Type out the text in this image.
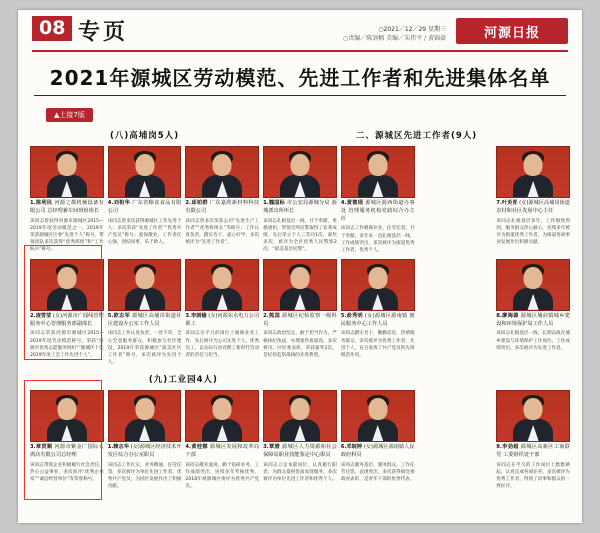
08 专页	○2021／12／29 星期三
○责编／陈剑枫 美编／朱伟平 / 黄锦豪	河源日报
2021年源城区劳动模范、先进工作者和先进集体名单
▲上接7版
(八)高埔岗5人)	二、源城区先进工作者(9人)
1.陈利民 河源之都机械设备有限公司 总经理兼车间班组组长
该同志曾获得河源市源城区2015—2019年度劳动模范之一，2019年荣获源城区区委“先进个人”称号，带领团队多次获得“优秀班组”和“工作标兵”称号。
4.刘柏华 广东省粮食食品有限公司
该同志曾多次获得源城区工作先进个人；多次荣获“先进工作者”“优秀共产党员”称号；爱岗敬业，工作责任心强，团结同事，乐于助人。
2.邱柏群 广东嘉欣新材料科技有限公司
该同志曾多次荣获公司“先进生产工作者”“优秀班组长”等称号；工作认真负责，踏实肯干，虚心好学，多次被评为“先进工作者”。
1.魏国标 市公安局源城分局 源城派出所所长
该同志扎根基层一线，甘于奉献，勇挑重担，带领全所民警取得了显著成绩，先后荣立个人三等功1次、嘉奖多次，被评为全区优秀人民警察2次、“最美基层民警”。
4.黄微瑶 源城区源西街道办事处 管理服务机构党政综合办主任
该同志工作兢兢业业、任劳任怨，甘于奉献，多年来一直扎根基层一线，工作成绩突出，多次被评为街道优秀工作者、优秀个人。
7.叶炎育 (女)源城区高埔岗街道农村和社区发展中心主任
该同志扎根基层多年，工作细致周到，服务群众热心耐心，连续多年被评为街道优秀工作者，为街道各项事业发展作出积极贡献。
2.凌雪莹 (女)河源市广闻线管理服务中心管理服务部副部长
该同志荣获河源市源城区2015—2019年度劳动模范称号，荣获“河源市优秀志愿服务组织”“源城区十佳2019年度工会工作先进个人”。
5.欧志军 源城区高埔岗街道社区建设办公室工作人员
该同志工作认真负责、一丝不苟，全心全意服务群众，积极参与社区建设，2019年荣获源城区“最美社区工作者”称号，多次被评为先进个人。
3.李朗榆 (女)河源东水电力公司职工
该同志在平凡的岗位上兢兢业业工作，先后被评为公司先进个人、优秀员工，以实际行动诠释了新时代劳动者的责任与担当。
2.熊国 源城区纪检监察一级科员
该同志政治坚定，敢于担当作为，严格执纪执法，办理案件质量高，多次被市、区纪委表彰，荣获嘉奖2次，是纪检监察战线的先进典型。
5.俞秀明 (女)源城区源南镇 便民服务中心工作人员
该同志踏实肯干，勤勤恳恳，热情服务群众，多次被评为优秀工作者、先进个人，充分发挥了共产党员的先锋模范作用。
8.廖海源 源城区埔前镇城乡建设和环境保护局工作人员
该同志扎根基层一线，长期奋战在城乡建设与环境保护工作岗位，工作成绩突出，多次被评为先进工作者。
(九)工业园4人)
3.章贯顺 河源市紫金广国际大酒店有限公司总经理
该同志带领企业积极履行社会责任，热心公益事业，多次获评“优秀企业家”“诚信经营单位”等荣誉称号。
1.赖志华 (女)源城区经济技术开发区综合办公室职员
该同志工作扎实，业务精通，任劳任怨，多次被评为单位先进工作者、优秀共产党员，为园区发展作出了积极贡献。
4.黄桂娜 源城区发展和改革局干部
该同志敬业爱岗，勤于钻研业务，工作成绩突出，连续多年考核优秀，2018年被源城区委评为优秀共产党员。
3.覃腊 源城区人力资源和社会保障局职业技能鉴定中心职员
该同志立足本职岗位，认真履行职责，为群众提供优质高效服务，多次被评为单位先进工作者和优秀个人。
6.邓皖婷 (女)源城区源南镇人民政府科员
该同志服务基层、服务群众，工作任劳任怨，表现突出，多次获得镇党委政府表彰，是青年干部的优秀代表。
9.李劲超 源城区高新区工商联党 工委组织处干部
该同志在平凡的工作岗位上默默耕耘，认真完成各项任务，多次被评为优秀工作者，得到了同事和群众的一致好评。
